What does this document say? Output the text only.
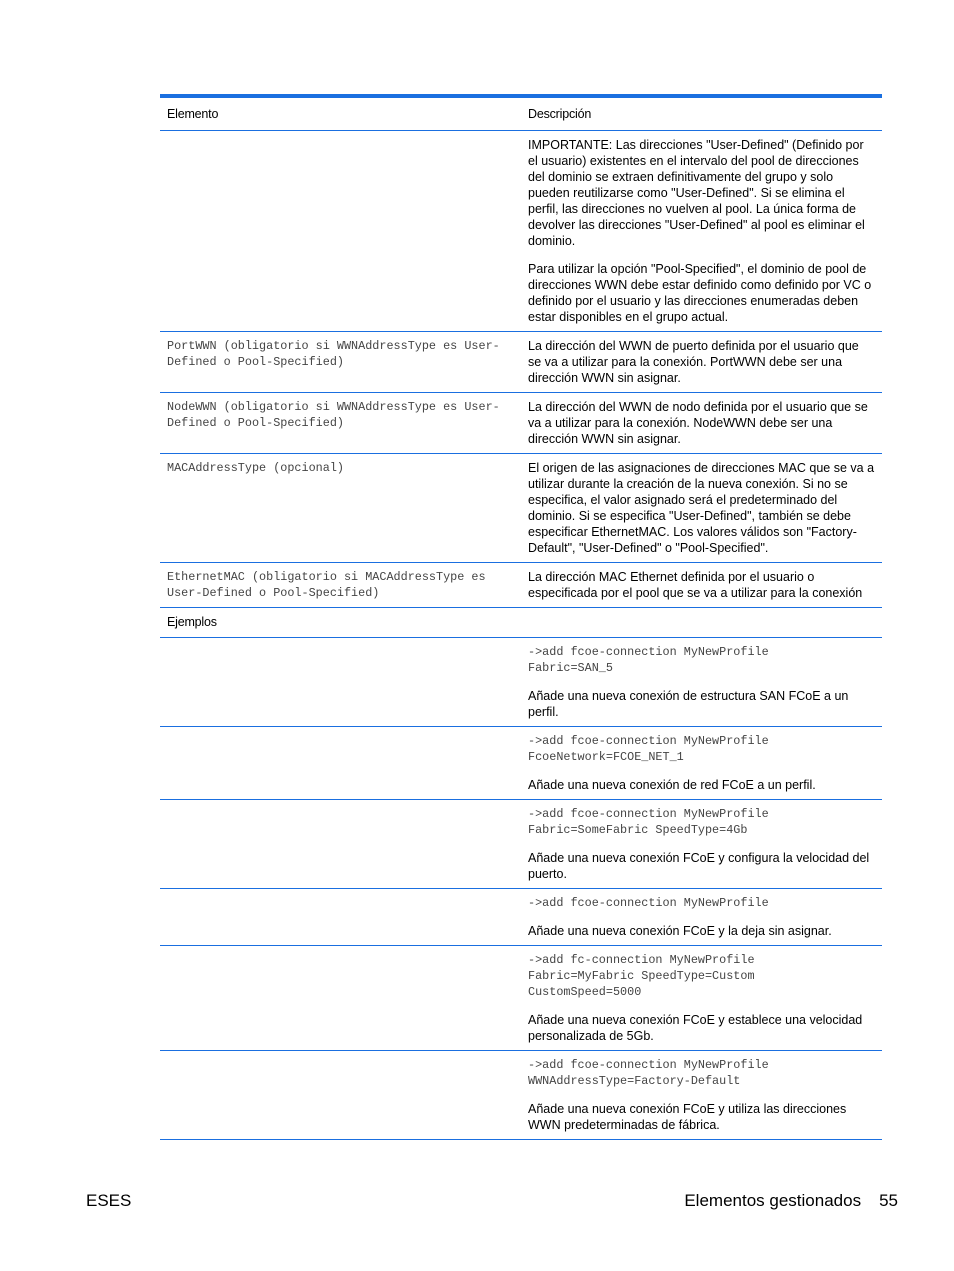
Elemento	Descripción

	IMPORTANTE: Las direcciones "User-Defined" (Definido por el usuario) existentes en el intervalo del pool de direcciones del dominio se extraen definitivamente del grupo y solo pueden reutilizarse como "User-Defined". Si se elimina el perfil, las direcciones no vuelven al pool. La única forma de devolver las direcciones "User-Defined" al pool es eliminar el dominio.

Para utilizar la opción "Pool-Specified", el dominio de pool de direcciones WWN debe estar definido como definido por VC o definido por el usuario y las direcciones enumeradas deben estar disponibles en el grupo actual.

PortWWN (obligatorio si WWNAddressType es User-Defined o Pool-Specified)	La dirección del WWN de puerto definida por el usuario que se va a utilizar para la conexión. PortWWN debe ser una dirección WWN sin asignar.

NodeWWN (obligatorio si WWNAddressType es User-Defined o Pool-Specified)	La dirección del WWN de nodo definida por el usuario que se va a utilizar para la conexión. NodeWWN debe ser una dirección WWN sin asignar.

MACAddressType (opcional)	El origen de las asignaciones de direcciones MAC que se va a utilizar durante la creación de la nueva conexión. Si no se especifica, el valor asignado será el predeterminado del dominio. Si se especifica "User-Defined", también se debe especificar EthernetMAC. Los valores válidos son "Factory-Default", "User-Defined" o "Pool-Specified".

EthernetMAC (obligatorio si MACAddressType es User-Defined o Pool-Specified)	La dirección MAC Ethernet definida por el usuario o especificada por el pool que se va a utilizar para la conexión

Ejemplos	

	->add fcoe-connection MyNewProfile
Fabric=SAN_5

Añade una nueva conexión de estructura SAN FCoE a un perfil.

	->add fcoe-connection MyNewProfile
FcoeNetwork=FCOE_NET_1

Añade una nueva conexión de red FCoE a un perfil.

	->add fcoe-connection MyNewProfile
Fabric=SomeFabric SpeedType=4Gb

Añade una nueva conexión FCoE y configura la velocidad del puerto.

	->add fcoe-connection MyNewProfile

Añade una nueva conexión FCoE y la deja sin asignar.

	->add fc-connection MyNewProfile
Fabric=MyFabric SpeedType=Custom
CustomSpeed=5000

Añade una nueva conexión FCoE y establece una velocidad personalizada de 5Gb.

	->add fcoe-connection MyNewProfile
WWNAddressType=Factory-Default

Añade una nueva conexión FCoE y utiliza las direcciones WWN predeterminadas de fábrica.

ESES	Elementos gestionados 55
